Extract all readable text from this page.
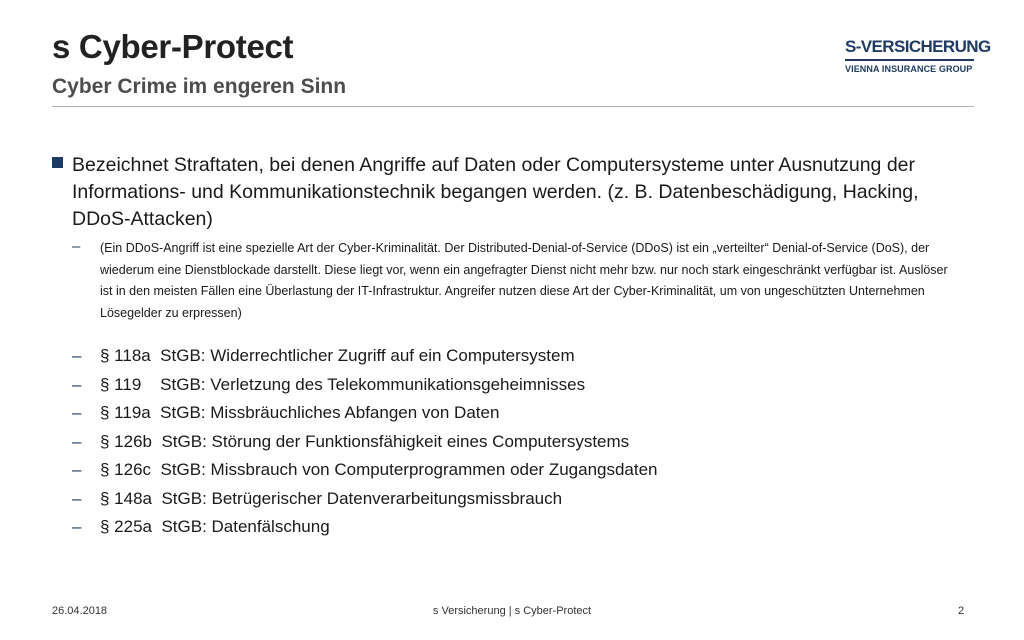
s Cyber-Protect
Cyber Crime im engeren Sinn
S-VERSICHERUNG
VIENNA INSURANCE GROUP
Bezeichnet Straftaten, bei denen Angriffe auf Daten oder Computersysteme unter Ausnutzung der Informations- und Kommunikationstechnik begangen werden. (z. B. Datenbeschädigung, Hacking, DDoS-Attacken)
–	(Ein DDoS-Angriff ist eine spezielle Art der Cyber-Kriminalität. Der Distributed-Denial-of-Service (DDoS) ist ein „verteilter“ Denial-of-Service (DoS), der wiederum eine Dienstblockade darstellt. Diese liegt vor, wenn ein angefragter Dienst nicht mehr bzw. nur noch stark eingeschränkt verfügbar ist. Auslöser ist in den meisten Fällen eine Überlastung der IT-Infrastruktur. Angreifer nutzen diese Art der Cyber-Kriminalität, um von ungeschützten Unternehmen Lösegelder zu erpressen)
–	§ 118a  StGB: Widerrechtlicher Zugriff auf ein Computersystem
–	§ 119    StGB: Verletzung des Telekommunikationsgeheimnisses
–	§ 119a  StGB: Missbräuchliches Abfangen von Daten
–	§ 126b  StGB: Störung der Funktionsfähigkeit eines Computersystems
–	§ 126c  StGB: Missbrauch von Computerprogrammen oder Zugangsdaten
–	§ 148a  StGB: Betrügerischer Datenverarbeitungsmissbrauch
–	§ 225a  StGB: Datenfälschung
26.04.2018	s Versicherung | s Cyber-Protect	2
